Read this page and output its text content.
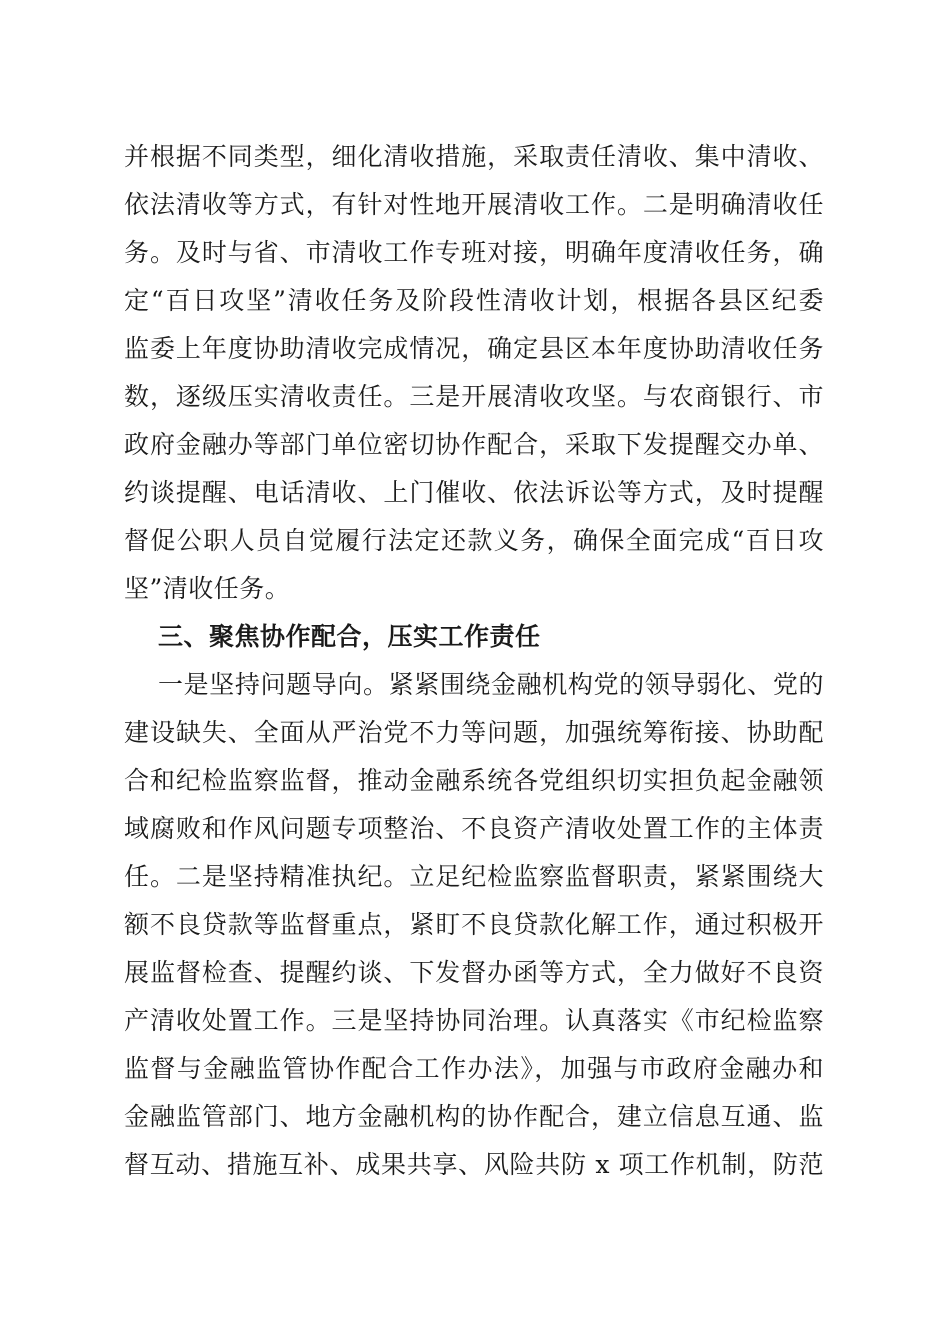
并根据不同类型，细化清收措施，采取责任清收、集中清收、
依法清收等方式，有针对性地开展清收工作。二是明确清收任
务。及时与省、市清收工作专班对接，明确年度清收任务，确
定“百日攻坚”清收任务及阶段性清收计划，根据各县区纪委
监委上年度协助清收完成情况，确定县区本年度协助清收任务
数，逐级压实清收责任。三是开展清收攻坚。与农商银行、市
政府金融办等部门单位密切协作配合，采取下发提醒交办单、
约谈提醒、电话清收、上门催收、依法诉讼等方式，及时提醒
督促公职人员自觉履行法定还款义务，确保全面完成“百日攻
坚”清收任务。
三、聚焦协作配合，压实工作责任
一是坚持问题导向。紧紧围绕金融机构党的领导弱化、党的
建设缺失、全面从严治党不力等问题，加强统筹衔接、协助配
合和纪检监察监督，推动金融系统各党组织切实担负起金融领
域腐败和作风问题专项整治、不良资产清收处置工作的主体责
任。二是坚持精准执纪。立足纪检监察监督职责，紧紧围绕大
额不良贷款等监督重点，紧盯不良贷款化解工作，通过积极开
展监督检查、提醒约谈、下发督办函等方式，全力做好不良资
产清收处置工作。三是坚持协同治理。认真落实《市纪检监察
监督与金融监管协作配合工作办法》，加强与市政府金融办和
金融监管部门、地方金融机构的协作配合，建立信息互通、监
督互动、措施互补、成果共享、风险共防 x 项工作机制，防范
